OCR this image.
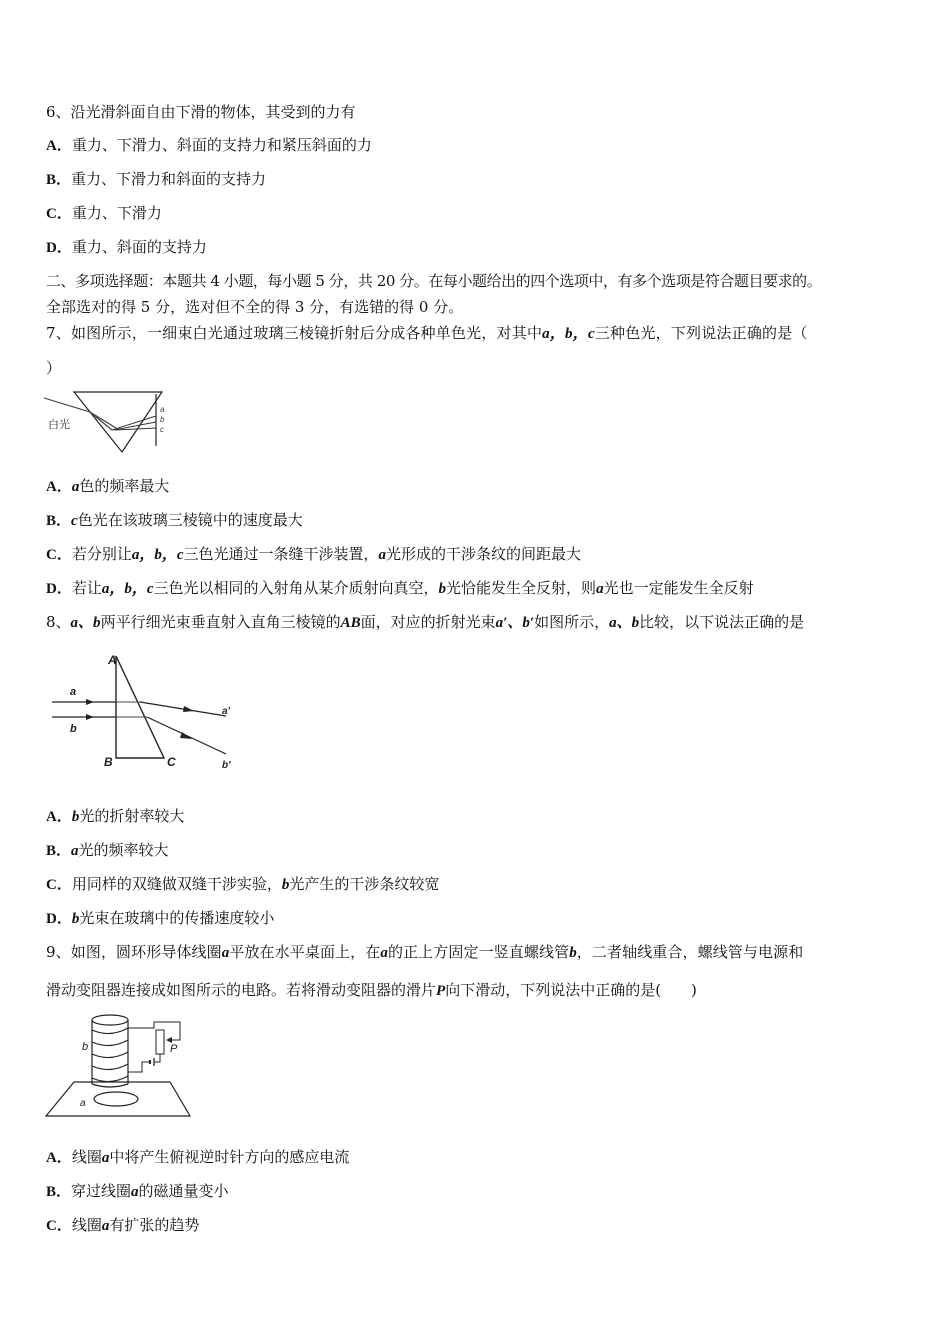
6、沿光滑斜面自由下滑的物体，其受到的力有
A．重力、下滑力、斜面的支持力和紧压斜面的力
B．重力、下滑力和斜面的支持力
C．重力、下滑力
D．重力、斜面的支持力
二、多项选择题：本题共 4 小题，每小题 5 分，共 20 分。在每小题给出的四个选项中，有多个选项是符合题目要求的。
全部选对的得 5 分，选对但不全的得 3 分，有选错的得 0 分。
7、如图所示，一细束白光通过玻璃三棱镜折射后分成各种单色光，对其中a，b，c三种色光，下列说法正确的是（
）
白光
a
b
c
A．a色的频率最大
B．c色光在该玻璃三棱镜中的速度最大
C．若分别让a，b，c三色光通过一条缝干涉装置，a光形成的干涉条纹的间距最大
D．若让a，b，c三色光以相同的入射角从某介质射向真空，b光恰能发生全反射，则a光也一定能发生全反射
8、a、b两平行细光束垂直射入直角三棱镜的AB面，对应的折射光束a′、b′如图所示，a、b比较，以下说法正确的是
A
B	C
a
b
a'
b'
A．b光的折射率较大
B．a光的频率较大
C．用同样的双缝做双缝干涉实验，b光产生的干涉条纹较宽
D．b光束在玻璃中的传播速度较小
9、如图，圆环形导体线圈a平放在水平桌面上，在a的正上方固定一竖直螺线管b，二者轴线重合，螺线管与电源和
滑动变阻器连接成如图所示的电路。若将滑动变阻器的滑片P向下滑动，下列说法中正确的是(　　)
b
a
P
A．线圈a中将产生俯视逆时针方向的感应电流
B．穿过线圈a的磁通量变小
C．线圈a有扩张的趋势
